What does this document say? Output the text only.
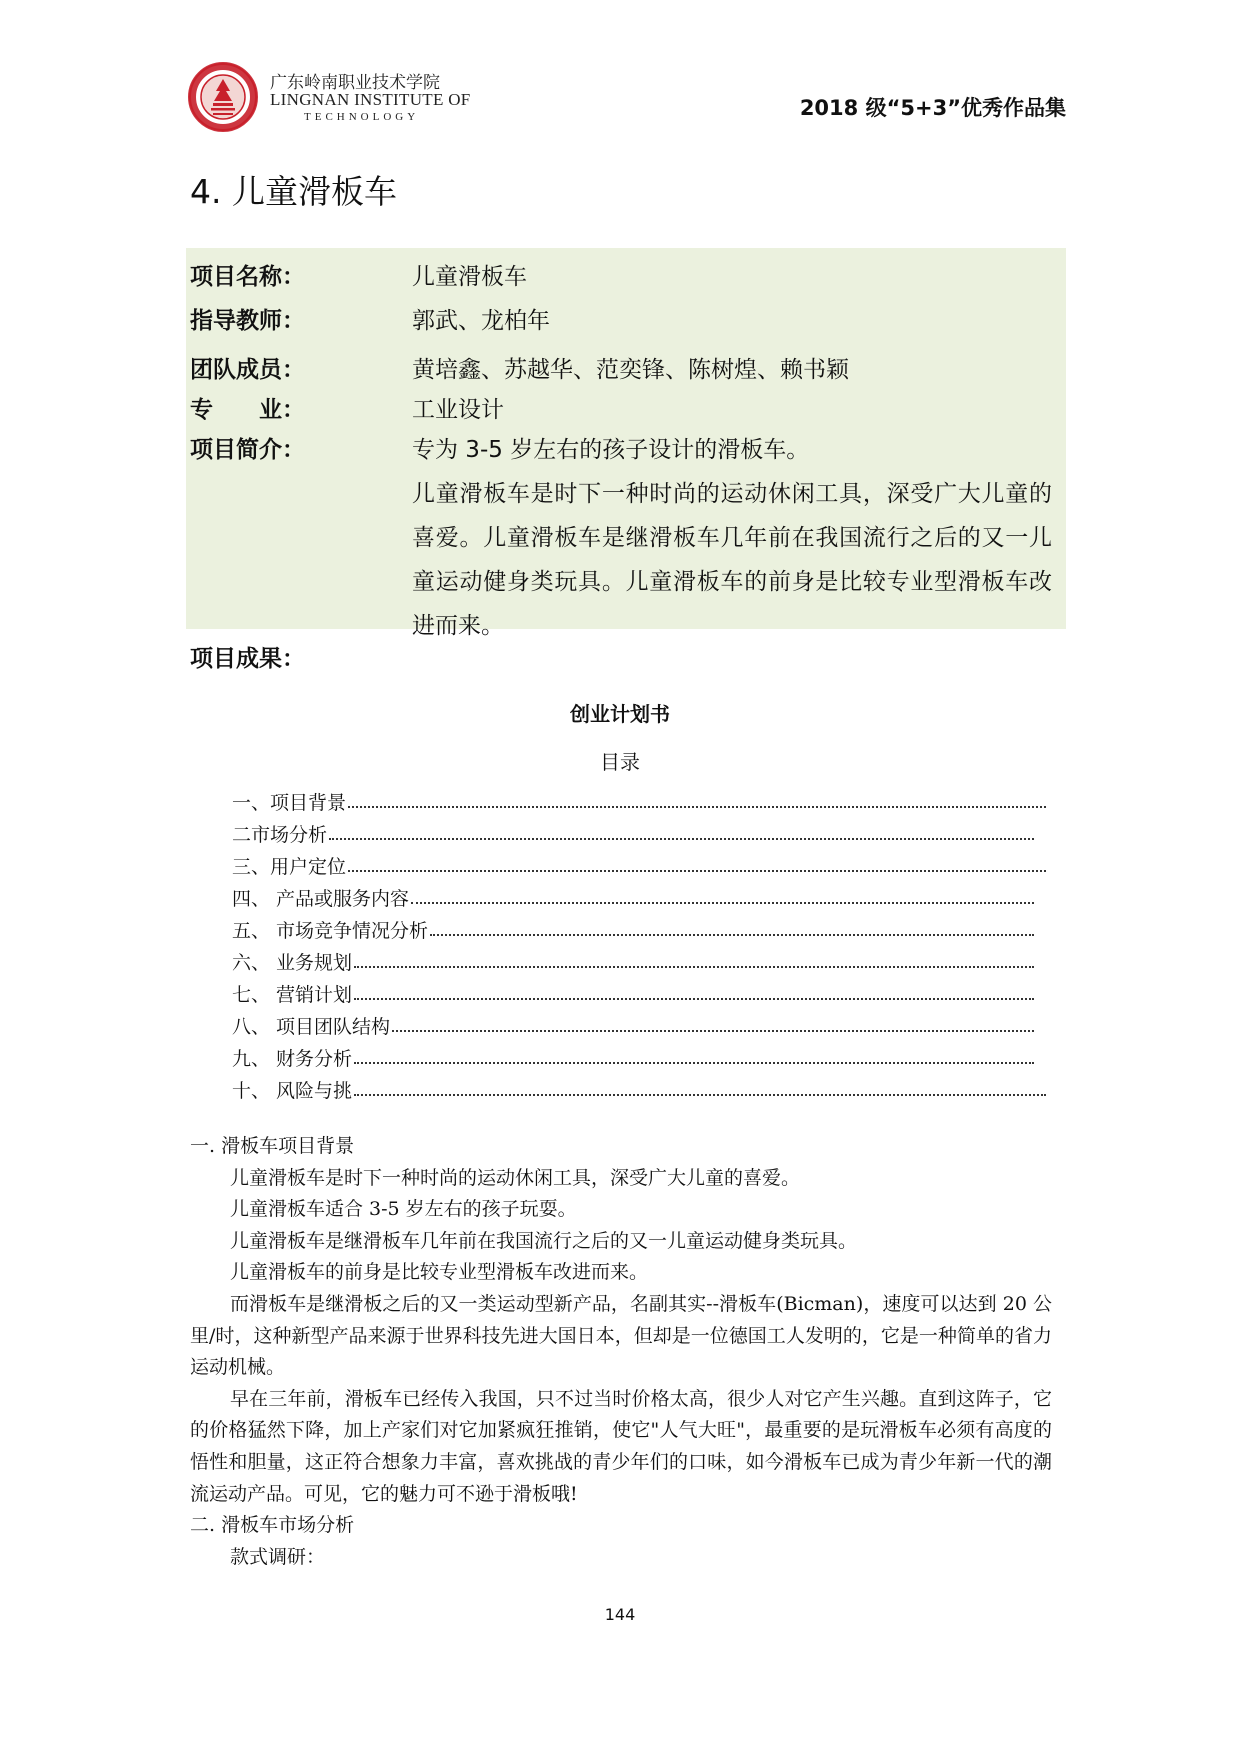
广东岭南职业技术学院
LINGNAN INSTITUTE OF
TECHNOLOGY	2018 级“5+3”优秀作品集
4. 儿童滑板车
项目名称：	儿童滑板车
指导教师：	郭武、龙柏年
团队成员：	黄培鑫、苏越华、范奕锋、陈树煌、赖书颖
专　　业：	工业设计
项目简介：	专为 3-5 岁左右的孩子设计的滑板车。

儿童滑板车是时下一种时尚的运动休闲工具，深受广大儿童的喜爱。儿童滑板车是继滑板车几年前在我国流行之后的又一儿童运动健身类玩具。儿童滑板车的前身是比较专业型滑板车改进而来。

项目成果：
创业计划书
目录
一、项目背景
二市场分析
三、用户定位
四、 产品或服务内容
五、 市场竞争情况分析
六、 业务规划
七、 营销计划
八、 项目团队结构
九、 财务分析
十、 风险与挑

一. 滑板车项目背景

儿童滑板车是时下一种时尚的运动休闲工具，深受广大儿童的喜爱。

儿童滑板车适合 3-5 岁左右的孩子玩耍。

儿童滑板车是继滑板车几年前在我国流行之后的又一儿童运动健身类玩具。

儿童滑板车的前身是比较专业型滑板车改进而来。

而滑板车是继滑板之后的又一类运动型新产品，名副其实--滑板车(Bicman)，速度可以达到 20 公里/时，这种新型产品来源于世界科技先进大国日本，但却是一位德国工人发明的，它是一种简单的省力运动机械。

早在三年前，滑板车已经传入我国，只不过当时价格太高，很少人对它产生兴趣。直到这阵子，它的价格猛然下降，加上产家们对它加紧疯狂推销，使它"人气大旺"，最重要的是玩滑板车必须有高度的悟性和胆量，这正符合想象力丰富，喜欢挑战的青少年们的口味，如今滑板车已成为青少年新一代的潮流运动产品。可见，它的魅力可不逊于滑板哦!

二. 滑板车市场分析

款式调研：

144
